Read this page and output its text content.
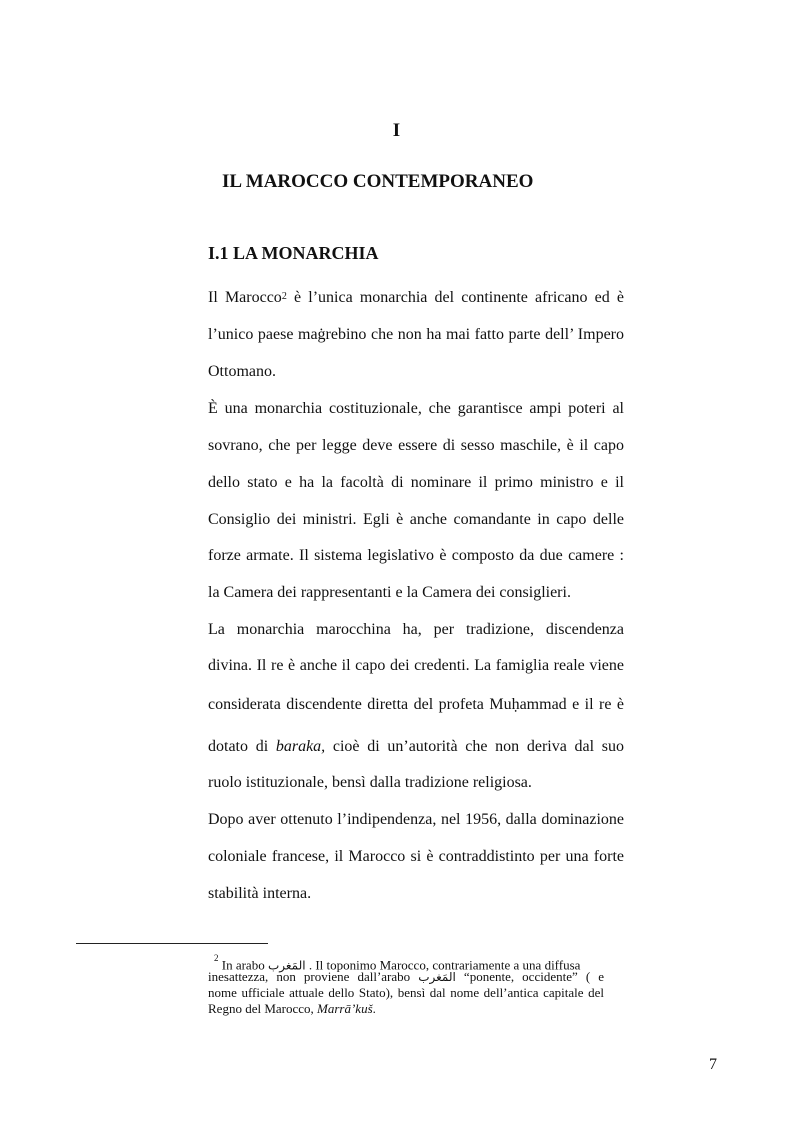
I
IL MAROCCO CONTEMPORANEO
I.1 LA MONARCHIA
Il Marocco$^2$ è l’unica monarchia del continente africano ed è
l’unico paese maġrebino che non ha mai fatto parte dell’ Impero
Ottomano.
È una monarchia costituzionale, che garantisce ampi poteri al
sovrano, che per legge deve essere di sesso maschile, è il capo
dello stato e ha la facoltà di nominare il primo ministro e il
Consiglio dei ministri. Egli è anche comandante in capo delle
forze armate. Il sistema legislativo è composto da due camere :
la Camera dei rappresentanti e la Camera dei consiglieri.
La monarchia marocchina ha, per tradizione, discendenza
divina. Il re è anche il capo dei credenti. La famiglia reale viene
considerata discendente diretta del profeta Muḥammad e il re è
dotato di baraka, cioè di un’autorità che non deriva dal suo
ruolo istituzionale, bensì dalla tradizione religiosa.
Dopo aver ottenuto l’indipendenza, nel 1956, dalla dominazione
coloniale francese, il Marocco si è contraddistinto per una forte
stabilità interna.
$^2$ In arabo المَغرب . Il toponimo Marocco, contrariamente a una diffusa
inesattezza, non proviene dall’arabo المَغرب “ponente, occidente” ( e
nome ufficiale attuale dello Stato), bensì dal nome dell’antica capitale del
Regno del Marocco, Marrā’kuš.
7
